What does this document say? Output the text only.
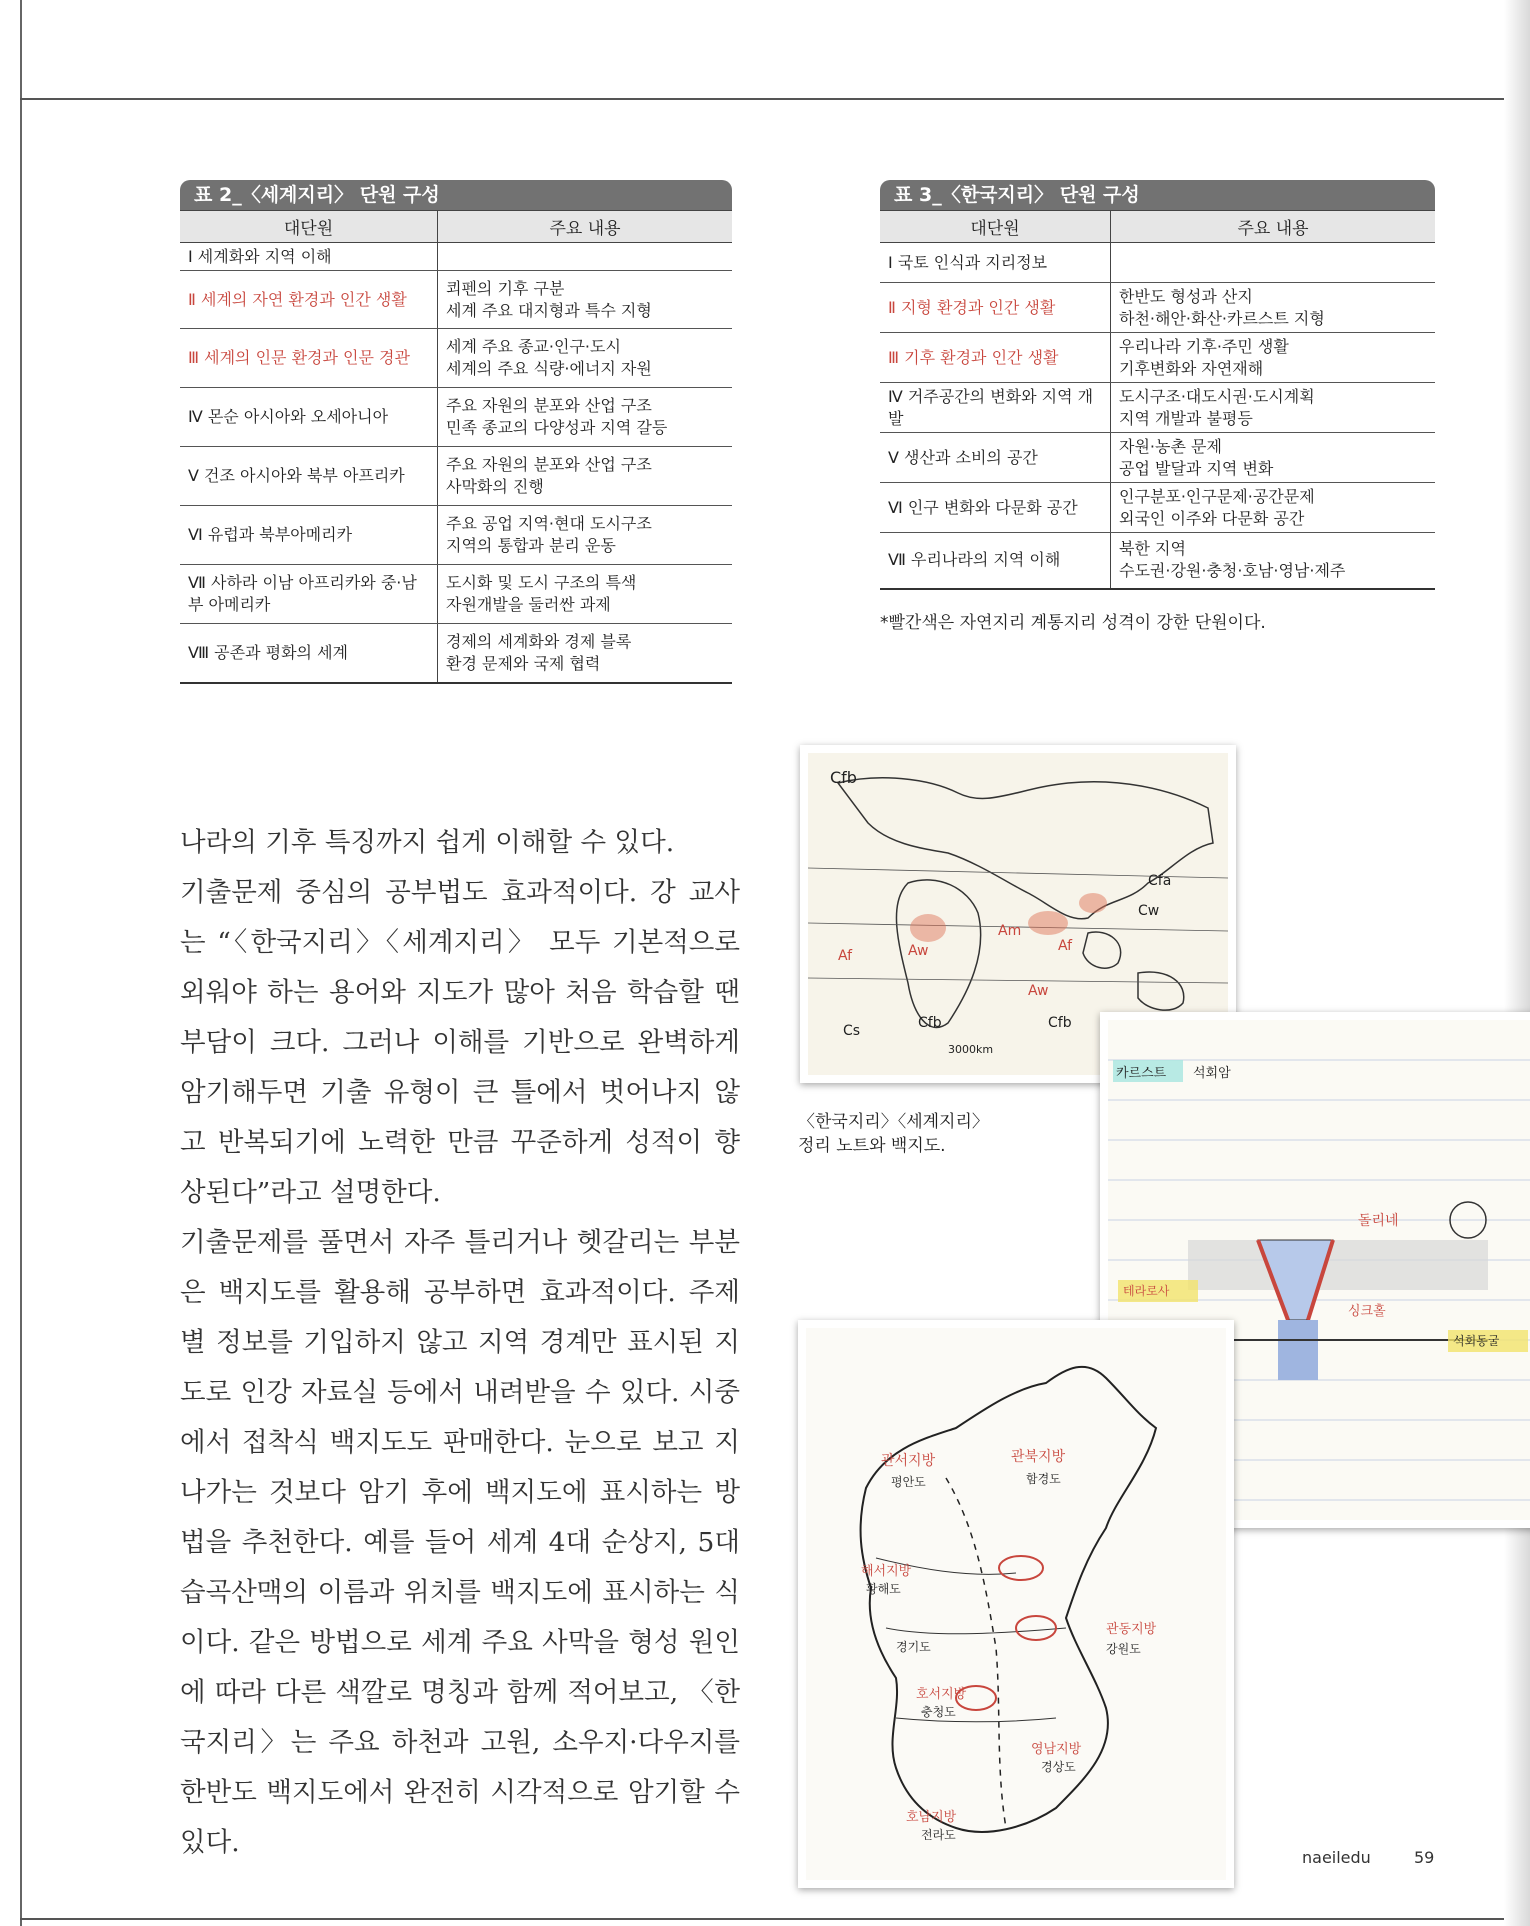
표 2_〈세계지리〉 단원 구성
대단원	주요 내용
Ⅰ 세계화와 지역 이해	

Ⅱ 세계의 자연 환경과 인간 생활	쾨펜의 기후 구분
세계 주요 대지형과 특수 지형

Ⅲ 세계의 인문 환경과 인문 경관	세계 주요 종교·인구·도시
세계의 주요 식량·에너지 자원

Ⅳ 몬순 아시아와 오세아니아	주요 자원의 분포와 산업 구조
민족 종교의 다양성과 지역 갈등

Ⅴ 건조 아시아와 북부 아프리카	주요 자원의 분포와 산업 구조
사막화의 진행

Ⅵ 유럽과 북부아메리카	주요 공업 지역·현대 도시구조
지역의 통합과 분리 운동

Ⅶ 사하라 이남 아프리카와 중·남부 아메리카	도시화 및 도시 구조의 특색
자원개발을 둘러싼 과제

Ⅷ 공존과 평화의 세계	경제의 세계화와 경제 블록
환경 문제와 국제 협력
표 3_〈한국지리〉 단원 구성
대단원	주요 내용
Ⅰ 국토 인식과 지리정보	

Ⅱ 지형 환경과 인간 생활	한반도 형성과 산지
하천·해안·화산·카르스트 지형

Ⅲ 기후 환경과 인간 생활	우리나라 기후·주민 생활
기후변화와 자연재해

Ⅳ 거주공간의 변화와 지역 개발	도시구조·대도시권·도시계획
지역 개발과 불평등

Ⅴ 생산과 소비의 공간	자원·농촌 문제
공업 발달과 지역 변화

Ⅵ 인구 변화와 다문화 공간	인구분포·인구문제·공간문제
외국인 이주와 다문화 공간

Ⅶ 우리나라의 지역 이해	북한 지역
수도권·강원·충청·호남·영남·제주
*빨간색은 자연지리 계통지리 성격이 강한 단원이다.

나라의 기후 특징까지 쉽게 이해할 수 있다.

기출문제 중심의 공부법도 효과적이다. 강 교사는 “〈한국지리〉〈세계지리〉 모두 기본적으로 외워야 하는 용어와 지도가 많아 처음 학습할 땐 부담이 크다. 그러나 이해를 기반으로 완벽하게 암기해두면 기출 유형이 큰 틀에서 벗어나지 않고 반복되기에 노력한 만큼 꾸준하게 성적이 향상된다”라고 설명한다.

기출문제를 풀면서 자주 틀리거나 헷갈리는 부분은 백지도를 활용해 공부하면 효과적이다. 주제별 정보를 기입하지 않고 지역 경계만 표시된 지도로 인강 자료실 등에서 내려받을 수 있다. 시중에서 접착식 백지도도 판매한다. 눈으로 보고 지나가는 것보다 암기 후에 백지도에 표시하는 방법을 추천한다. 예를 들어 세계 4대 순상지, 5대 습곡산맥의 이름과 위치를 백지도에 표시하는 식이다. 같은 방법으로 세계 주요 사막을 형성 원인에 따라 다른 색깔로 명칭과 함께 적어보고, 〈한국지리〉는 주요 하천과 고원, 소우지·다우지를 한반도 백지도에서 완전히 시각적으로 암기할 수 있다.

Cfb
Cfa
Cw
Af	Aw
Am
Af
Aw
Cs	Cfb
3000km
Cfb
카르스트 석회암
돌리네
싱크홀
석회동굴
테라로사
관북지방
관서지방
평안도	함경도
해서지방
황해도
경기도	강원도
관동지방
호서지방
충청도
영남지방
경상도
호남지방
전라도
〈한국지리〉〈세계지리〉
정리 노트와 백지도.
naeiledu	59
